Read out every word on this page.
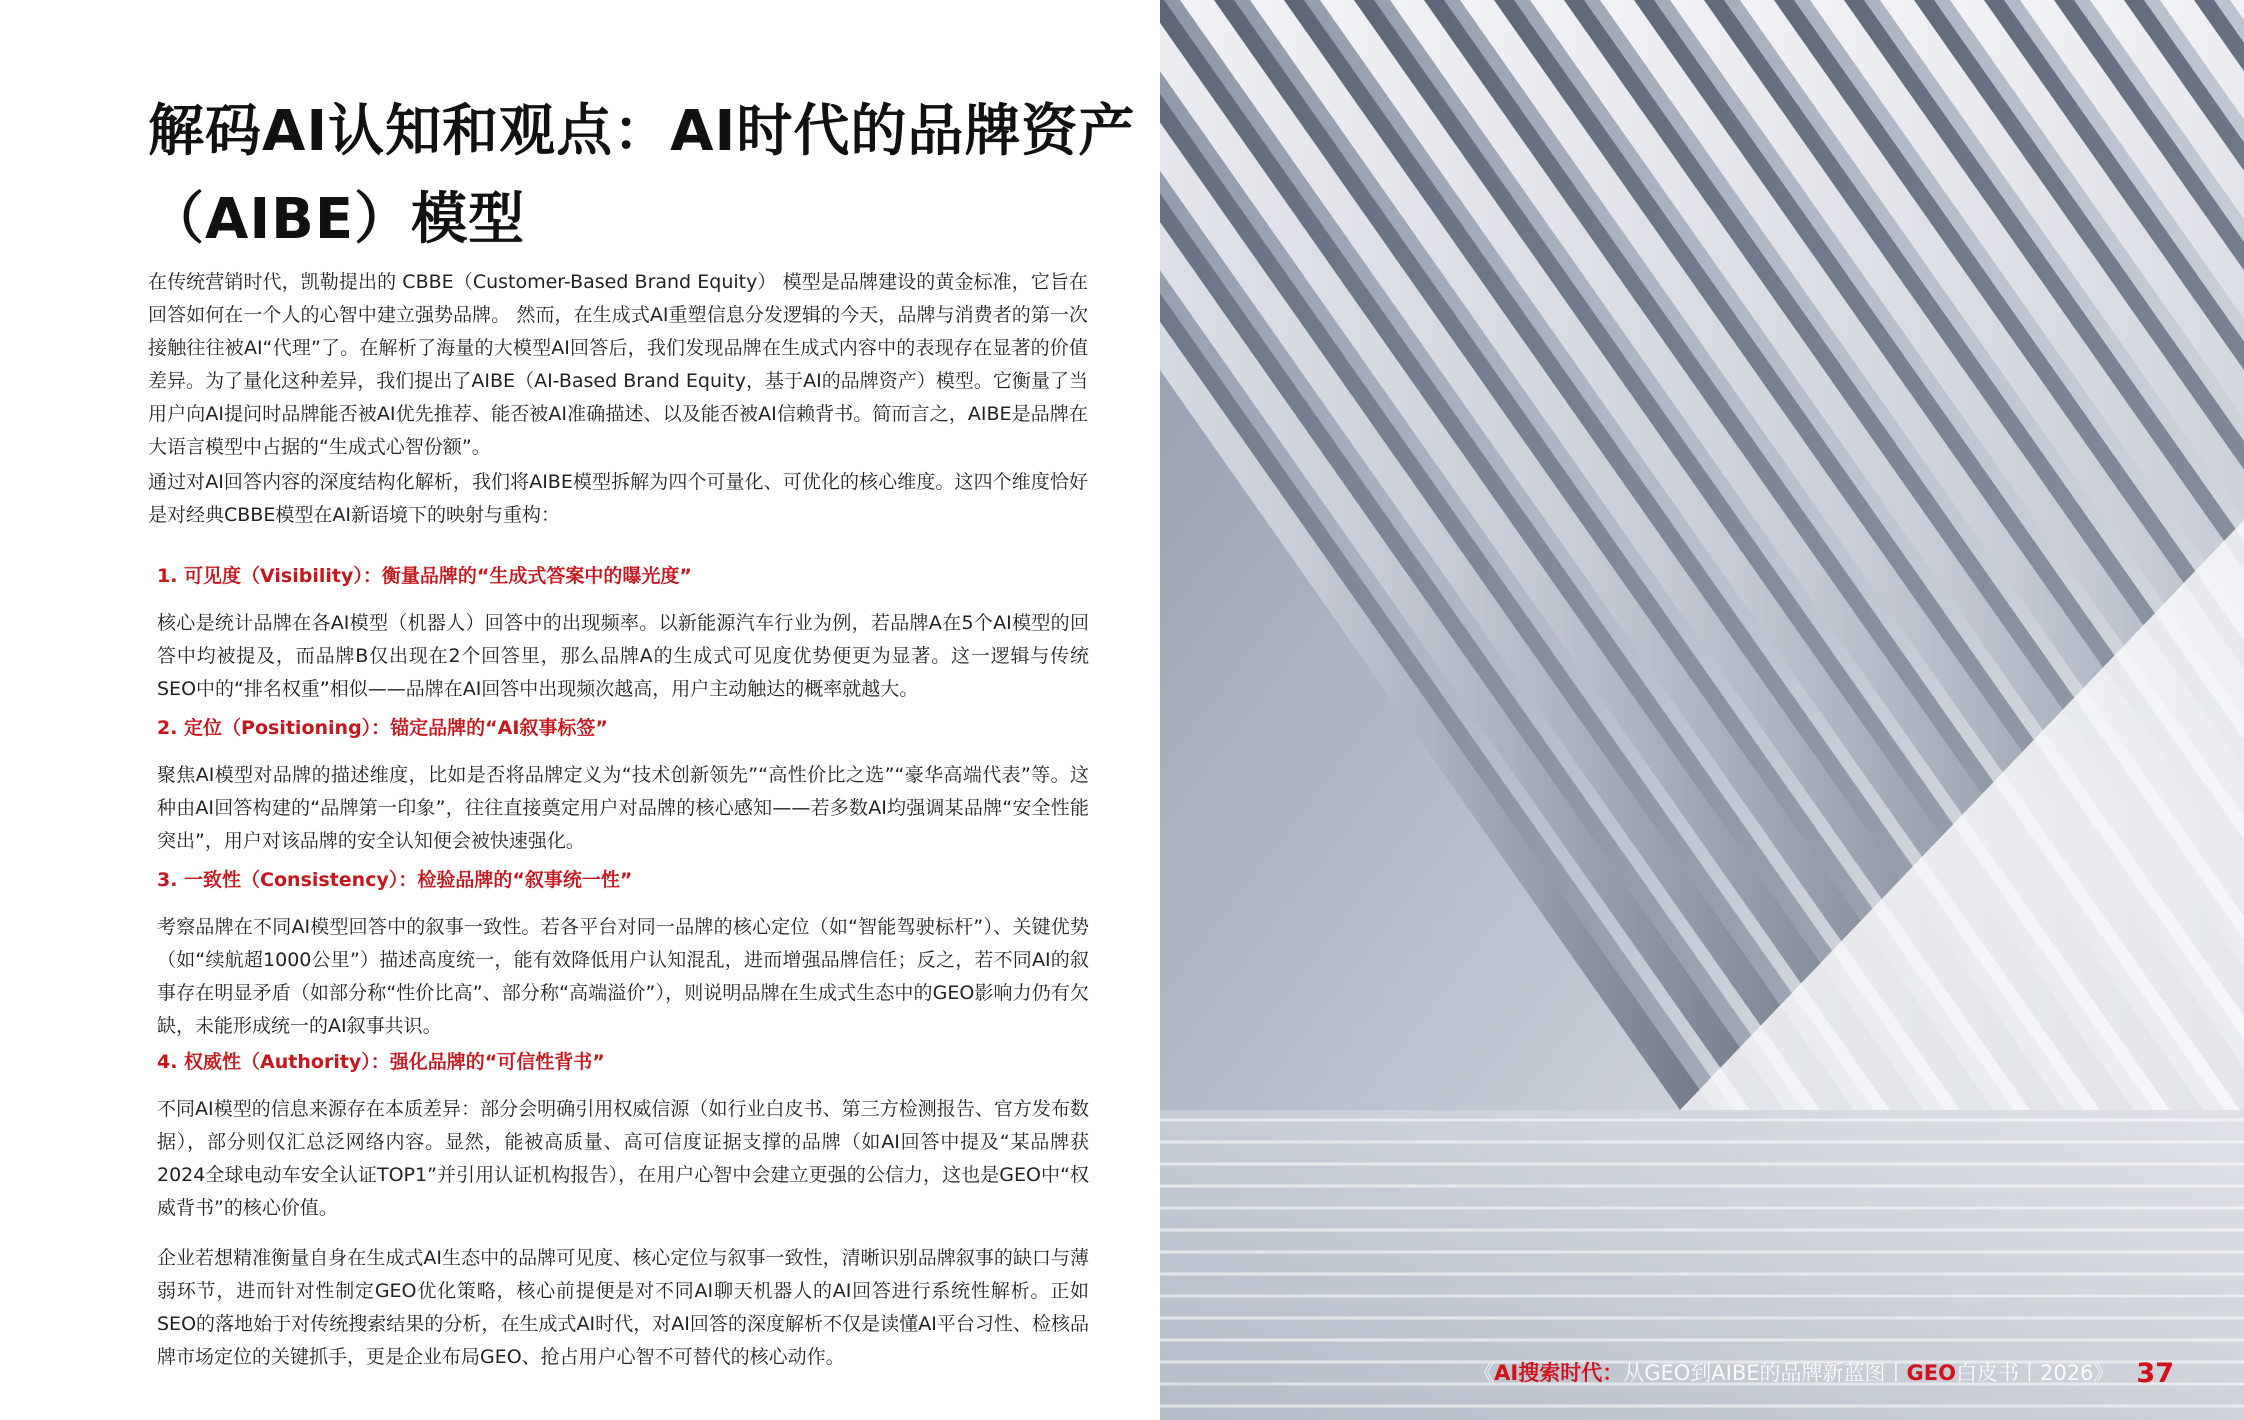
解码AI认知和观点：AI时代的品牌资产
（AIBE）模型

在传统营销时代，凯勒提出的 CBBE（Customer-Based Brand Equity） 模型是品牌建设的黄金标准，它旨在回答如何在一个人的心智中建立强势品牌。 然而，在生成式AI重塑信息分发逻辑的今天，品牌与消费者的第一次接触往往被AI“代理”了。在解析了海量的大模型AI回答后，我们发现品牌在生成式内容中的表现存在显著的价值差异。为了量化这种差异，我们提出了AIBE（AI-Based Brand Equity，基于AI的品牌资产）模型。它衡量了当用户向AI提问时品牌能否被AI优先推荐、能否被AI准确描述、以及能否被AI信赖背书。简而言之，AIBE是品牌在大语言模型中占据的“生成式心智份额”。

通过对AI回答内容的深度结构化解析，我们将AIBE模型拆解为四个可量化、可优化的核心维度。这四个维度恰好是对经典CBBE模型在AI新语境下的映射与重构：

1. 可见度（Visibility）：衡量品牌的“生成式答案中的曝光度”

核心是统计品牌在各AI模型（机器人）回答中的出现频率。以新能源汽车行业为例，若品牌A在5个AI模型的回答中均被提及，而品牌B仅出现在2个回答里，那么品牌A的生成式可见度优势便更为显著。这一逻辑与传统SEO中的“排名权重”相似——品牌在AI回答中出现频次越高，用户主动触达的概率就越大。

2. 定位（Positioning）：锚定品牌的“AI叙事标签”

聚焦AI模型对品牌的描述维度，比如是否将品牌定义为“技术创新领先”“高性价比之选”“豪华高端代表”等。这种由AI回答构建的“品牌第一印象”，往往直接奠定用户对品牌的核心感知——若多数AI均强调某品牌“安全性能突出”，用户对该品牌的安全认知便会被快速强化。

3. 一致性（Consistency）：检验品牌的“叙事统一性”

考察品牌在不同AI模型回答中的叙事一致性。若各平台对同一品牌的核心定位（如“智能驾驶标杆”）、关键优势（如“续航超1000公里”）描述高度统一，能有效降低用户认知混乱，进而增强品牌信任；反之，若不同AI的叙事存在明显矛盾（如部分称“性价比高”、部分称“高端溢价”），则说明品牌在生成式生态中的GEO影响力仍有欠缺，未能形成统一的AI叙事共识。

4. 权威性（Authority）：强化品牌的“可信性背书”

不同AI模型的信息来源存在本质差异：部分会明确引用权威信源（如行业白皮书、第三方检测报告、官方发布数据），部分则仅汇总泛网络内容。显然，能被高质量、高可信度证据支撑的品牌（如AI回答中提及“某品牌获2024全球电动车安全认证TOP1”并引用认证机构报告），在用户心智中会建立更强的公信力，这也是GEO中“权威背书”的核心价值。

企业若想精准衡量自身在生成式AI生态中的品牌可见度、核心定位与叙事一致性，清晰识别品牌叙事的缺口与薄弱环节，进而针对性制定GEO优化策略，核心前提便是对不同AI聊天机器人的AI回答进行系统性解析。正如SEO的落地始于对传统搜索结果的分析，在生成式AI时代，对AI回答的深度解析不仅是读懂AI平台习性、检核品牌市场定位的关键抓手，更是企业布局GEO、抢占用户心智不可替代的核心动作。

《AI搜索时代：从GEO到AIBE的品牌新蓝图丨GEO白皮书丨2026》 37
